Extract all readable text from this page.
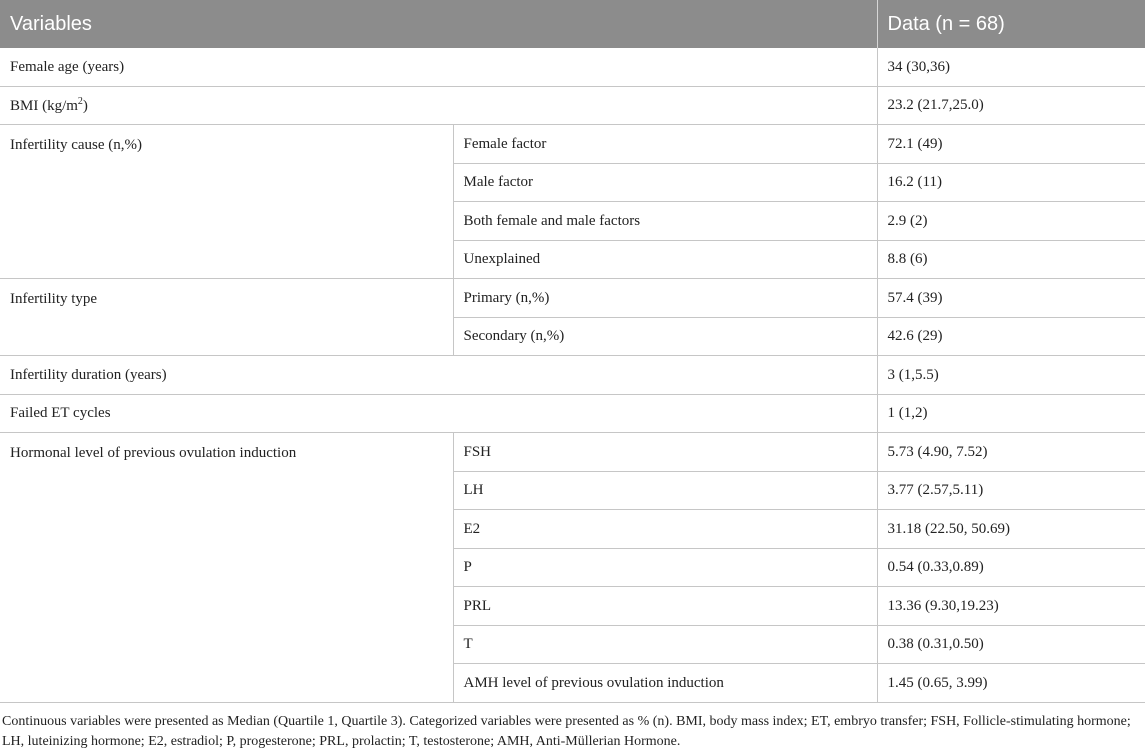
Variables		Data (n = 68)
Female age (years)		34 (30,36)
BMI $(kg/m^2)$		23.2 (21.7,25.0)
Infertility cause (n,%)	Female factor	72.1 (49)
	Male factor	16.2 (11)
	Both female and male factors	2.9 (2)
	Unexplained	8.8 (6)
Infertility type	Primary (n,%)	57.4 (39)
	Secondary (n,%)	42.6 (29)
Infertility duration (years)		3 (1,5.5)
Failed ET cycles		1 (1,2)
Hormonal level of previous ovulation induction	FSH	5.73 (4.90, 7.52)
	LH	3.77 (2.57,5.11)
	E2	31.18 (22.50, 50.69)
	P	0.54 (0.33,0.89)
	PRL	13.36 (9.30,19.23)
	T	0.38 (0.31,0.50)
	AMH level of previous ovulation induction	1.45 (0.65, 3.99)
Continuous variables were presented as Median (Quartile 1, Quartile 3). Categorized variables were presented as % (n). BMI, body mass index; ET, embryo transfer; FSH, Follicle-stimulating hormone; LH, luteinizing hormone; E2, estradiol; P, progesterone; PRL, prolactin; T, testosterone; AMH, Anti-Müllerian Hormone.
